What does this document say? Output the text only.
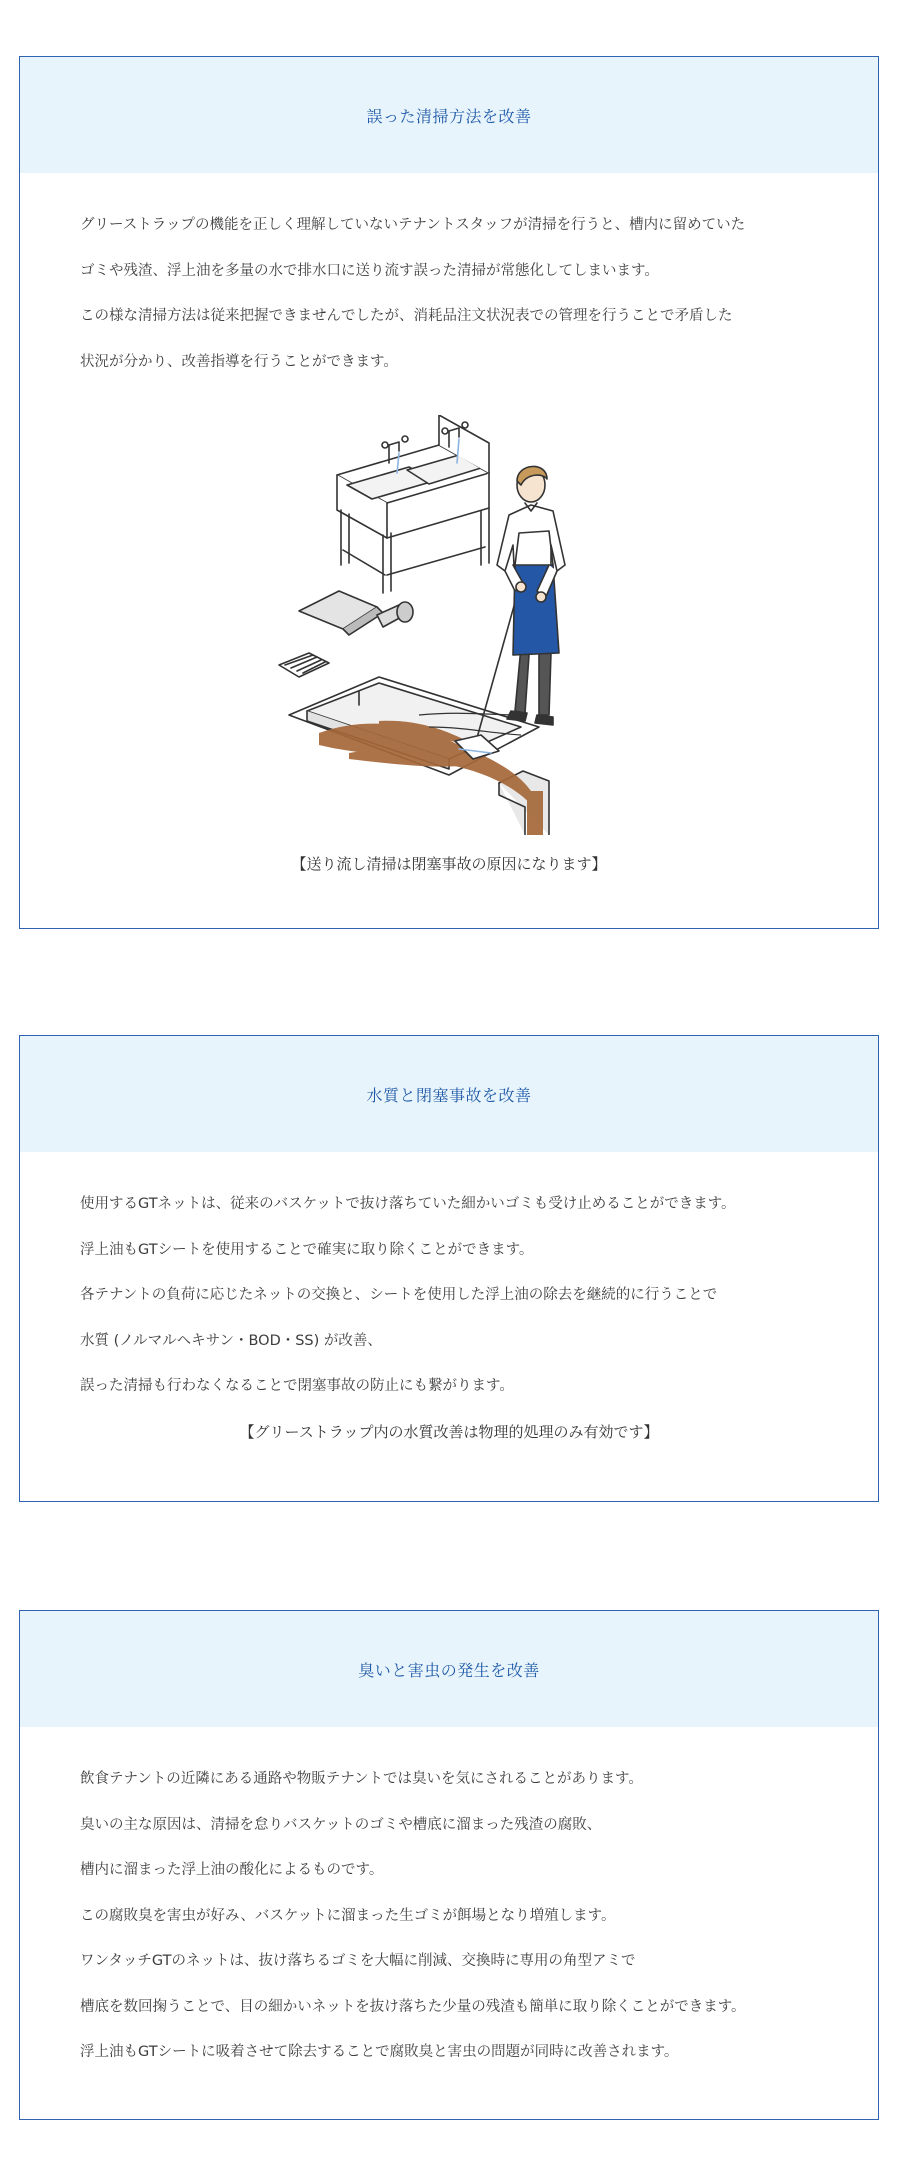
誤った清掃方法を改善

グリーストラップの機能を正しく理解していないテナントスタッフが清掃を行うと、槽内に留めていた

ゴミや残渣、浮上油を多量の水で排水口に送り流す誤った清掃が常態化してしまいます。

この様な清掃方法は従来把握できませんでしたが、消耗品注文状況表での管理を行うことで矛盾した

状況が分かり、改善指導を行うことができます。

【送り流し清掃は閉塞事故の原因になります】

水質と閉塞事故を改善

使用するGTネットは、従来のバスケットで抜け落ちていた細かいゴミも受け止めることができます。

浮上油もGTシートを使用することで確実に取り除くことができます。

各テナントの負荷に応じたネットの交換と、シートを使用した浮上油の除去を継続的に行うことで

水質 (ノルマルヘキサン・BOD・SS) が改善、

誤った清掃も行わなくなることで閉塞事故の防止にも繋がります。

【グリーストラップ内の水質改善は物理的処理のみ有効です】

臭いと害虫の発生を改善

飲食テナントの近隣にある通路や物販テナントでは臭いを気にされることがあります。

臭いの主な原因は、清掃を怠りバスケットのゴミや槽底に溜まった残渣の腐敗、

槽内に溜まった浮上油の酸化によるものです。

この腐敗臭を害虫が好み、バスケットに溜まった生ゴミが餌場となり増殖します。

ワンタッチGTのネットは、抜け落ちるゴミを大幅に削減、交換時に専用の角型アミで

槽底を数回掬うことで、目の細かいネットを抜け落ちた少量の残渣も簡単に取り除くことができます。

浮上油もGTシートに吸着させて除去することで腐敗臭と害虫の問題が同時に改善されます。
